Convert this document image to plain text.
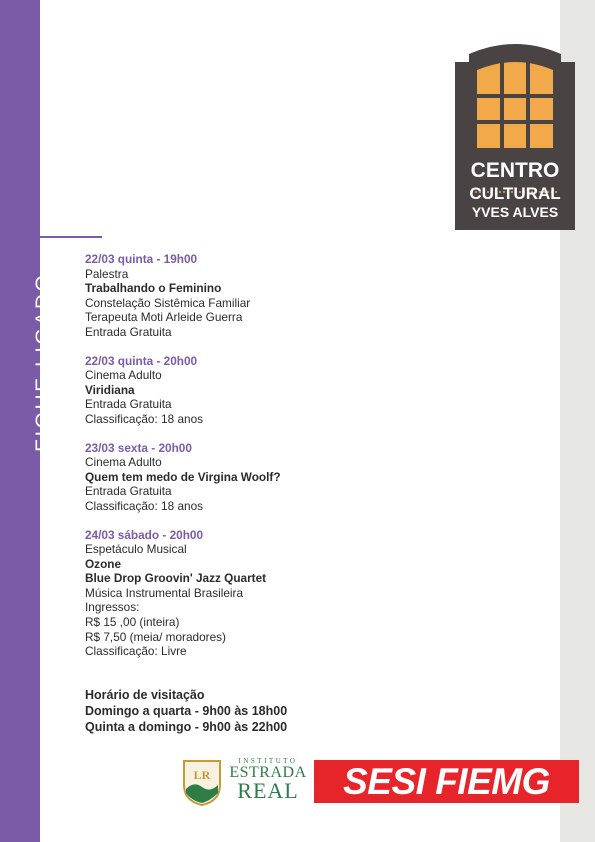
FIQUE LIGADO
PROGRAMAÇÃO SEMANAL	CENTRO
CULTURAL
YVES ALVES
22/03 quinta - 19h00
Palestra
Trabalhando o Feminino
Constelação Sistêmica Familiar
Terapeuta Moti Arleide Guerra
Entrada Gratuita
22/03 quinta - 20h00
Cinema Adulto
Viridiana
Entrada Gratuita
Classificação: 18 anos
23/03 sexta - 20h00
Cinema Adulto
Quem tem medo de Virgina Woolf?
Entrada Gratuita
Classificação: 18 anos
24/03 sábado - 20h00
Espetáculo Musical
Ozone
Blue Drop Groovin' Jazz Quartet
Música Instrumental Brasileira
Ingressos:
R$ 15 ,00 (inteira)
R$ 7,50 (meia/ moradores)
Classificação: Livre
Horário de visitação
Domingo a quarta - 9h00 às 18h00
Quinta a domingo - 9h00 às 22h00
LR
INSTITUTO
ESTRADA
REAL	SESI FIEMG
